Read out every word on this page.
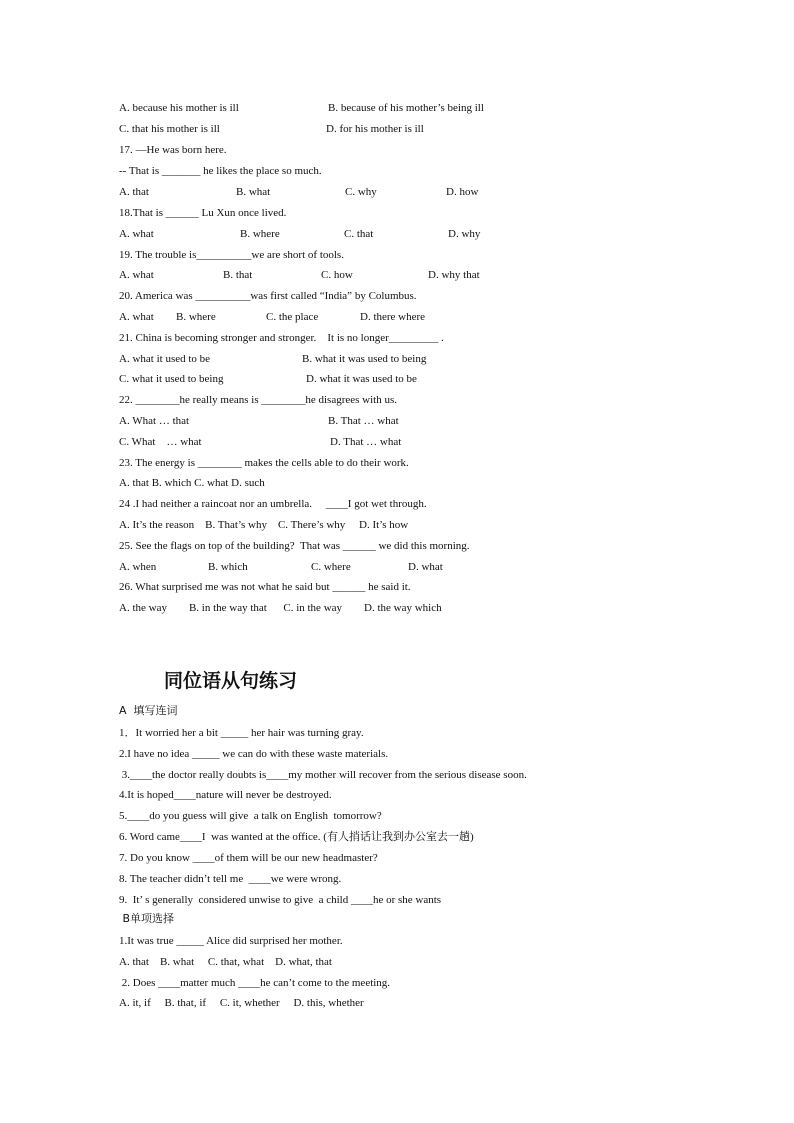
A. because his mother is ill	B. because of his mother’s being ill
C. that his mother is ill	D. for his mother is ill
17. —He was born here.
-- That is _______ he likes the place so much.
A. that	B. what	C. why	D. how
18.That is ______ Lu Xun once lived.
A. what	B. where	C. that	D. why
19. The trouble is__________we are short of tools.
A. what	B. that	C. how	D. why that
20. America was __________was first called “India” by Columbus.
A. what B. where	C. the place	D. there where
21. China is becoming stronger and stronger.    It is no longer_________ .
A. what it used to be	B. what it was used to being
C. what it used to being	D. what it was used to be
22. ________he really means is ________he disagrees with us.
A. What … that	B. That … what
C. What    … what	D. That … what
23. The energy is ________ makes the cells able to do their work.
A. that B. which C. what D. such
24 .I had neither a raincoat nor an umbrella.     ____I got wet through.
A. It’s the reason    B. That’s why    C. There’s why     D. It’s how
25. See the flags on top of the building?  That was ______ we did this morning.
A. when	B. which	C. where	D. what
26. What surprised me was not what he said but ______ he said it.
A. the way        B. in the way that      C. in the way        D. the way which
同位语从句练习
A  填写连词
1．It worried her a bit _____ her hair was turning gray.
2.I have no idea _____ we can do with these waste materials.
3.____the doctor really doubts is____my mother will recover from the serious disease soon.
4.It is hoped____nature will never be destroyed.
5.____do you guess will give  a talk on English  tomorrow?
6. Word came____I  was wanted at the office. (有人捎话让我到办公室去一趟)
7. Do you know ____of them will be our new headmaster?
8. The teacher didn’t tell me  ____we were wrong.
9.  It’ s generally  considered unwise to give  a child ____he or she wants
B单项选择
1.It was true _____ Alice did surprised her mother.
A. that    B. what     C. that, what    D. what, that
2. Does ____matter much ____he can’t come to the meeting.
A. it, if     B. that, if     C. it, whether     D. this, whether
